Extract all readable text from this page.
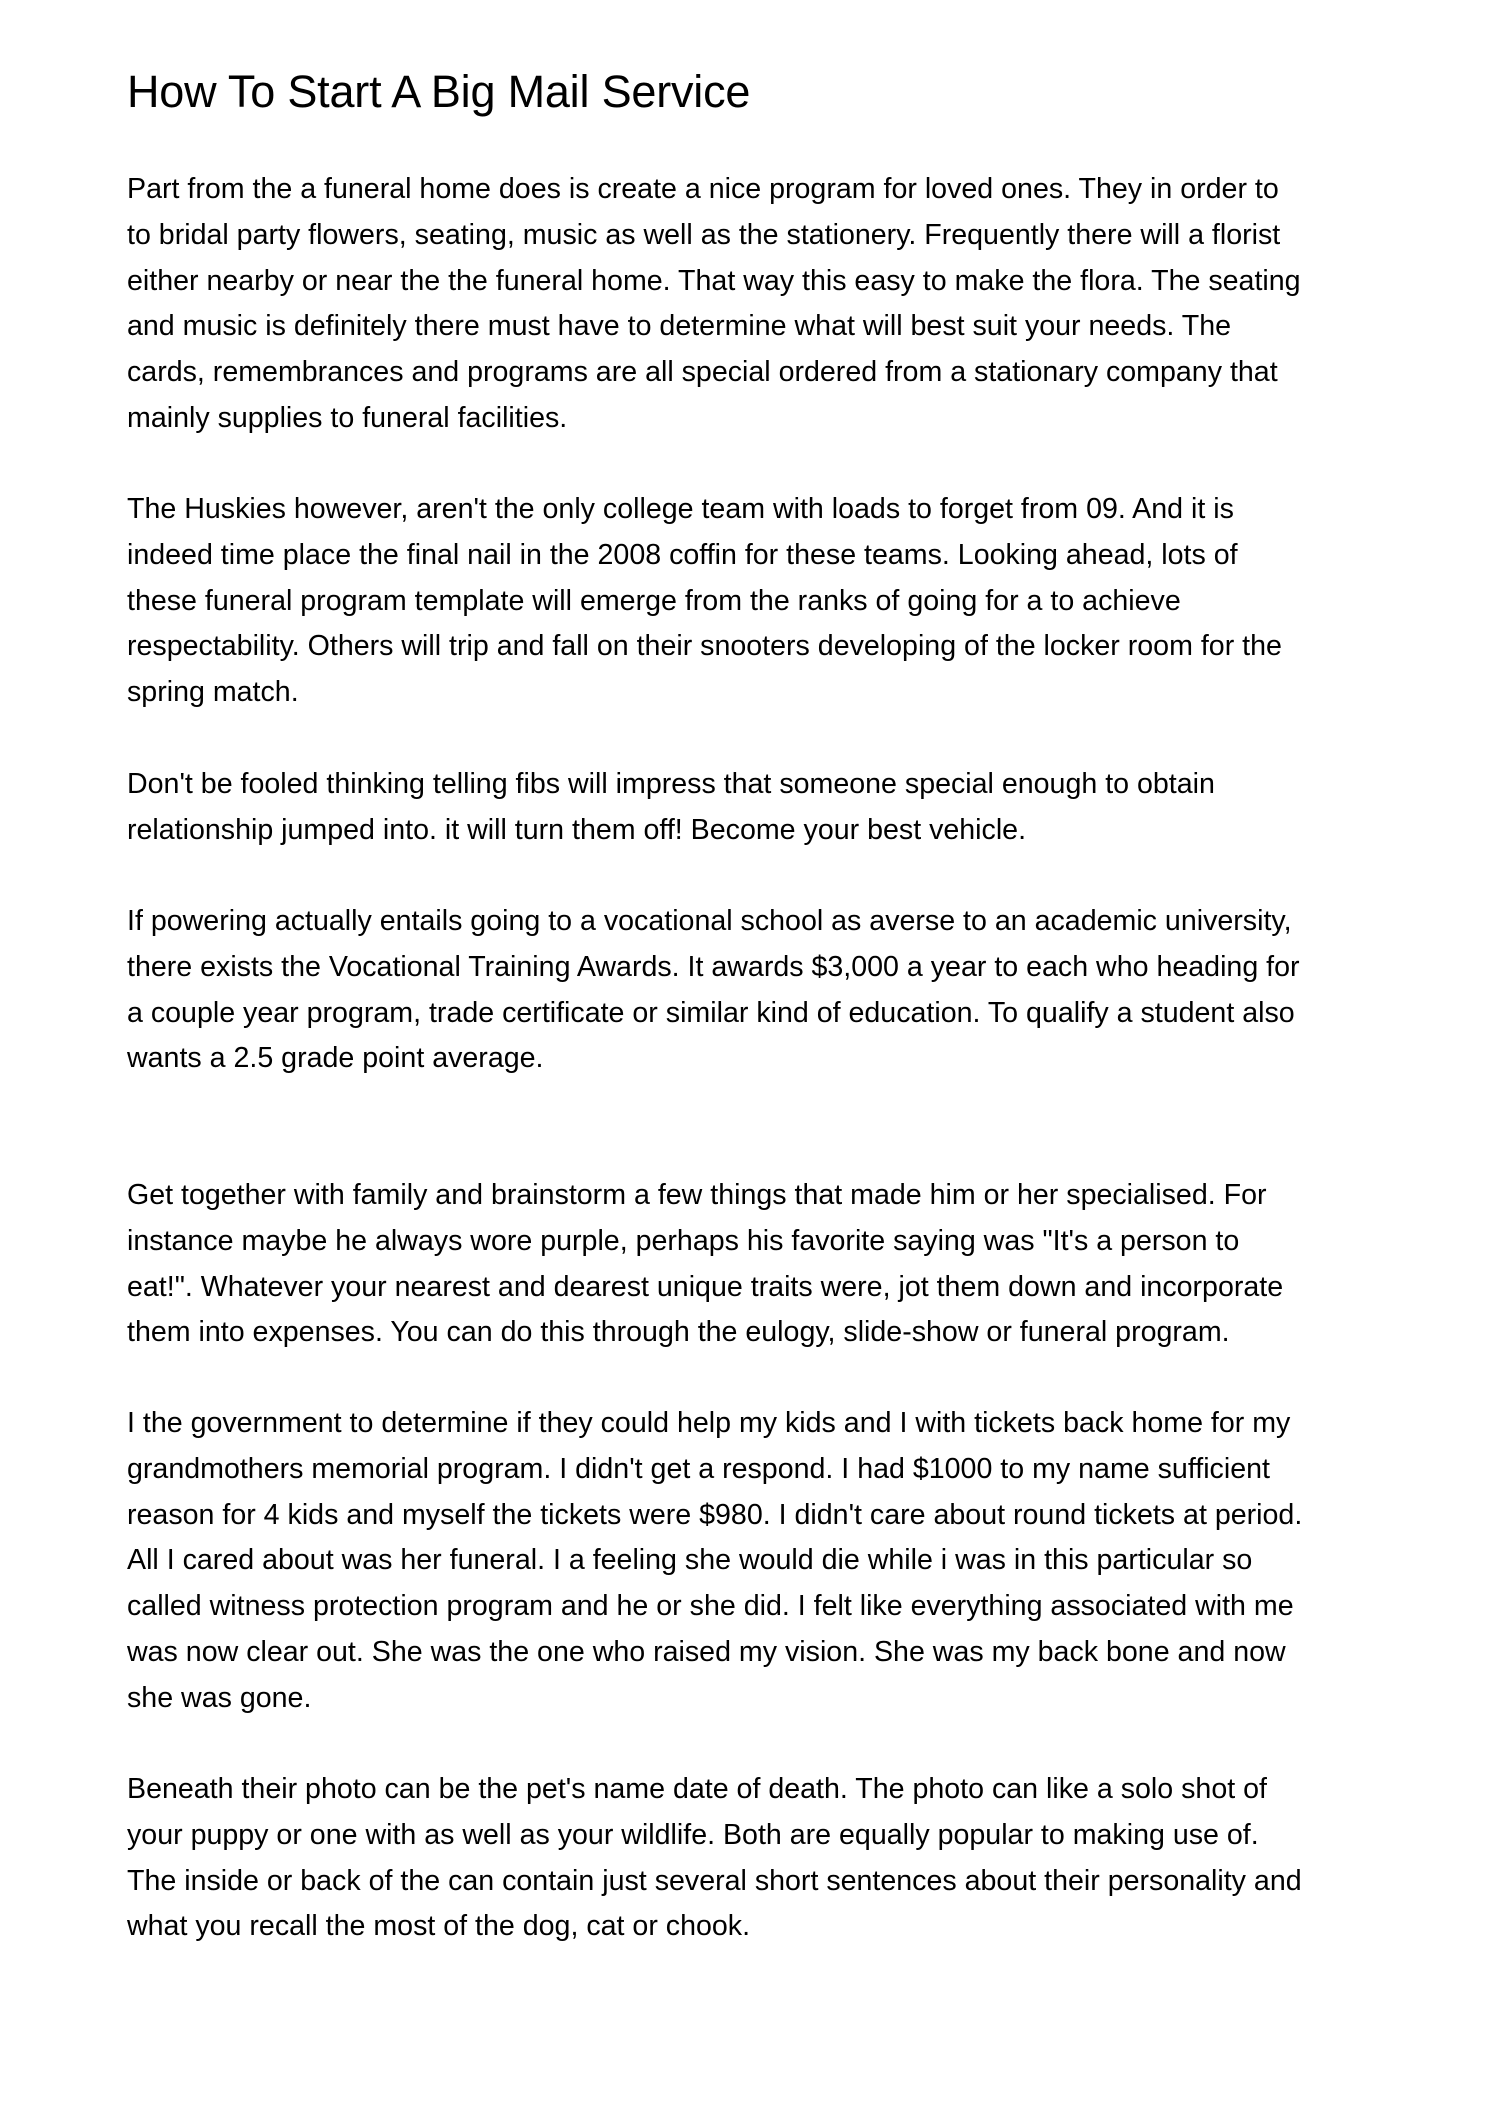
How To Start A Big Mail Service

Part from the a funeral home does is create a nice program for loved ones. They in order to
to bridal party flowers, seating, music as well as the stationery. Frequently there will a florist
either nearby or near the the funeral home. That way this easy to make the flora. The seating
and music is definitely there must have to determine what will best suit your needs. The
cards, remembrances and programs are all special ordered from a stationary company that
mainly supplies to funeral facilities.

The Huskies however, aren't the only college team with loads to forget from 09. And it is
indeed time place the final nail in the 2008 coffin for these teams. Looking ahead, lots of
these funeral program template will emerge from the ranks of going for a to achieve
respectability. Others will trip and fall on their snooters developing of the locker room for the
spring match.

Don't be fooled thinking telling fibs will impress that someone special enough to obtain
relationship jumped into. it will turn them off! Become your best vehicle.

If powering actually entails going to a vocational school as averse to an academic university,
there exists the Vocational Training Awards. It awards $3,000 a year to each who heading for
a couple year program, trade certificate or similar kind of education. To qualify a student also
wants a 2.5 grade point average.

Get together with family and brainstorm a few things that made him or her specialised. For
instance maybe he always wore purple, perhaps his favorite saying was "It's a person to
eat!". Whatever your nearest and dearest unique traits were, jot them down and incorporate
them into expenses. You can do this through the eulogy, slide-show or funeral program.

I the government to determine if they could help my kids and I with tickets back home for my
grandmothers memorial program. I didn't get a respond. I had $1000 to my name sufficient
reason for 4 kids and myself the tickets were $980. I didn't care about round tickets at period.
All I cared about was her funeral. I a feeling she would die while i was in this particular so
called witness protection program and he or she did. I felt like everything associated with me
was now clear out. She was the one who raised my vision. She was my back bone and now
she was gone.

Beneath their photo can be the pet's name date of death. The photo can like a solo shot of
your puppy or one with as well as your wildlife. Both are equally popular to making use of.
The inside or back of the can contain just several short sentences about their personality and
what you recall the most of the dog, cat or chook.
